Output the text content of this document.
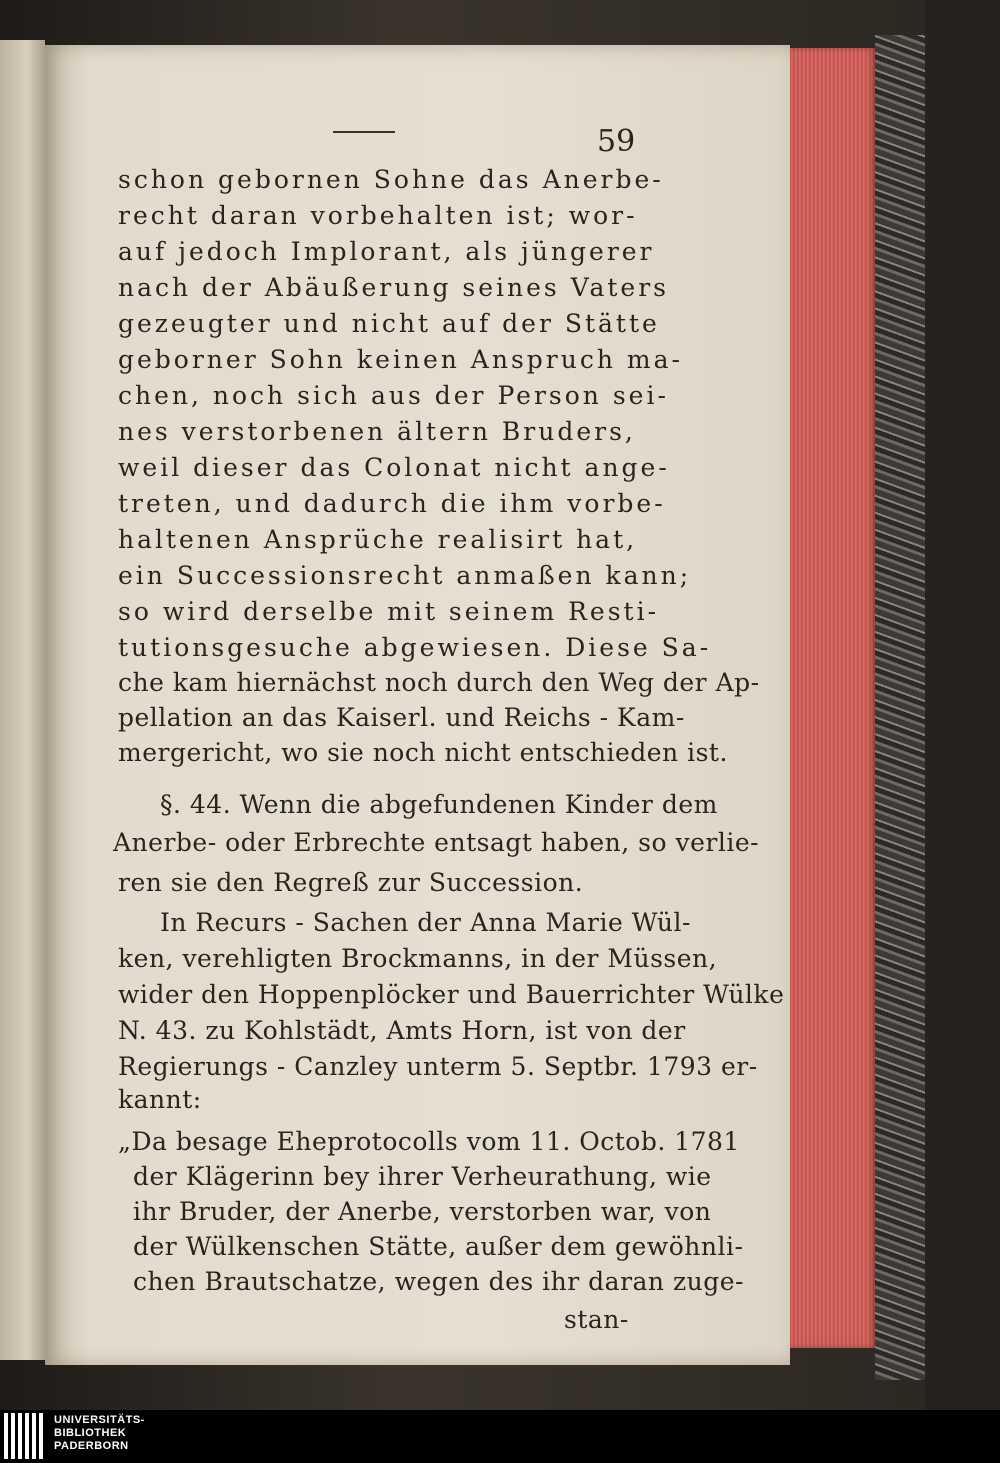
59
schon gebornen Sohne das Anerbe-
recht daran vorbehalten ist; wor-
auf jedoch Implorant, als jüngerer
nach der Abäußerung seines Vaters
gezeugter und nicht auf der Stätte
geborner Sohn keinen Anspruch ma-
chen, noch sich aus der Person sei-
nes verstorbenen ältern Bruders,
weil dieser das Colonat nicht ange-
treten, und dadurch die ihm vorbe-
haltenen Ansprüche realisirt hat,
ein Successionsrecht anmaßen kann;
so wird derselbe mit seinem Resti-
tutionsgesuche abgewiesen. Diese Sa-
che kam hiernächst noch durch den Weg der Ap-
pellation an das Kaiserl. und Reichs - Kam-
mergericht, wo sie noch nicht entschieden ist.
§. 44. Wenn die abgefundenen Kinder dem
Anerbe- oder Erbrechte entsagt haben, so verlie-
ren sie den Regreß zur Succession.
In Recurs - Sachen der Anna Marie Wül-
ken, verehligten Brockmanns, in der Müssen,
wider den Hoppenplöcker und Bauerrichter Wülke
N. 43. zu Kohlstädt, Amts Horn, ist von der
Regierungs - Canzley unterm 5. Septbr. 1793 er-
kannt:
„Da besage Eheprotocolls vom 11. Octob. 1781
der Klägerinn bey ihrer Verheurathung, wie
ihr Bruder, der Anerbe, verstorben war, von
der Wülkenschen Stätte, außer dem gewöhnli-
chen Brautschatze, wegen des ihr daran zuge-
stan-
UNIVERSITÄTS-
BIBLIOTHEK
PADERBORN
